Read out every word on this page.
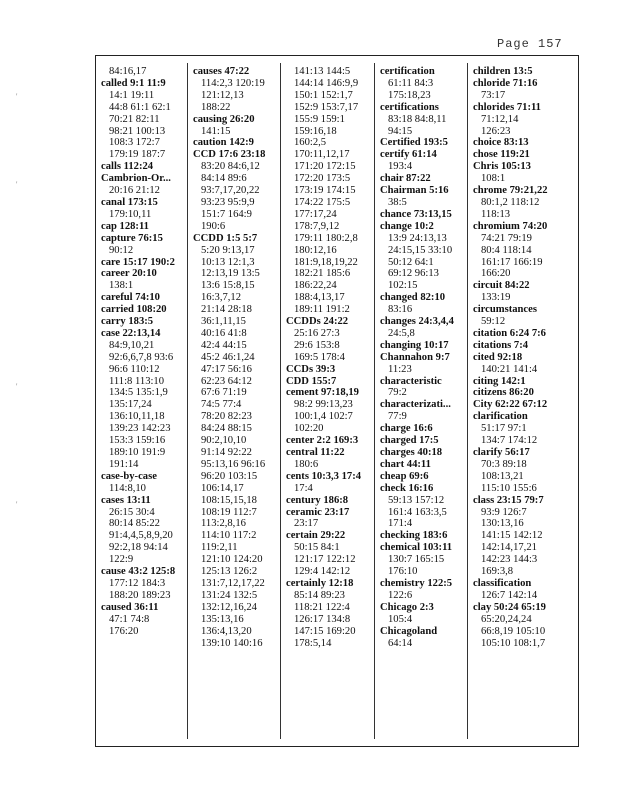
Page 157
'
'
'
'
84:16,17
called 9:1 11:9
14:1 19:11
44:8 61:1 62:1
70:21 82:11
98:21 100:13
108:3 172:7
179:19 187:7
calls 112:24
Cambrion-Or...
20:16 21:12
canal 173:15
179:10,11
cap 128:11
capture 76:15
90:12
care 15:17 190:2
career 20:10
138:1
careful 74:10
carried 108:20
carry 183:5
case 22:13,14
84:9,10,21
92:6,6,7,8 93:6
96:6 110:12
111:8 113:10
134:5 135:1,9
135:17,24
136:10,11,18
139:23 142:23
153:3 159:16
189:10 191:9
191:14
case-by-case
114:8,10
cases 13:11
26:15 30:4
80:14 85:22
91:4,4,5,8,9,20
92:2,18 94:14
122:9
cause 43:2 125:8
177:12 184:3
188:20 189:23
caused 36:11
47:1 74:8
176:20
causes 47:22
114:2,3 120:19
121:12,13
188:22
causing 26:20
141:15
caution 142:9
CCD 17:6 23:18
83:20 84:6,12
84:14 89:6
93:7,17,20,22
93:23 95:9,9
151:7 164:9
190:6
CCDD 1:5 5:7
5:20 9:13,17
10:13 12:1,3
12:13,19 13:5
13:6 15:8,15
16:3,7,12
21:14 28:18
36:1,11,15
40:16 41:8
42:4 44:15
45:2 46:1,24
47:17 56:16
62:23 64:12
67:6 71:19
74:5 77:4
78:20 82:23
84:24 88:15
90:2,10,10
91:14 92:22
95:13,16 96:16
96:20 103:15
106:14,17
108:15,15,18
108:19 112:7
113:2,8,16
114:10 117:2
119:2,11
121:10 124:20
125:13 126:2
131:7,12,17,22
131:24 132:5
132:12,16,24
135:13,16
136:4,13,20
139:10 140:16
141:13 144:5
144:14 146:9,9
150:1 152:1,7
152:9 153:7,17
155:9 159:1
159:16,18
160:2,5
170:11,12,17
171:20 172:15
172:20 173:5
173:19 174:15
174:22 175:5
177:17,24
178:7,9,12
179:11 180:2,8
180:12,16
181:9,18,19,22
182:21 185:6
186:22,24
188:4,13,17
189:11 191:2
CCDDs 24:22
25:16 27:3
29:6 153:8
169:5 178:4
CCDs 39:3
CDD 155:7
cement 97:18,19
98:2 99:13,23
100:1,4 102:7
102:20
center 2:2 169:3
central 11:22
180:6
cents 10:3,3 17:4
17:4
century 186:8
ceramic 23:17
23:17
certain 29:22
50:15 84:1
121:17 122:12
129:4 142:12
certainly 12:18
85:14 89:23
118:21 122:4
126:17 134:8
147:15 169:20
178:5,14
certification
61:11 84:3
175:18,23
certifications
83:18 84:8,11
94:15
Certified 193:5
certify 61:14
193:4
chair 87:22
Chairman 5:16
38:5
chance 73:13,15
change 10:2
13:9 24:13,13
24:15,15 33:10
50:12 64:1
69:12 96:13
102:15
changed 82:10
83:16
changes 24:3,4,4
24:5,8
changing 10:17
Channahon 9:7
11:23
characteristic
79:2
characterizati...
77:9
charge 16:6
charged 17:5
charges 40:18
chart 44:11
cheap 69:6
check 16:16
59:13 157:12
161:4 163:3,5
171:4
checking 183:6
chemical 103:11
130:7 165:15
176:10
chemistry 122:5
122:6
Chicago 2:3
105:4
Chicagoland
64:14
children 13:5
chloride 71:16
73:17
chlorides 71:11
71:12,14
126:23
choice 83:13
chose 119:21
Chris 105:13
108:1
chrome 79:21,22
80:1,2 118:12
118:13
chromium 74:20
74:21 79:19
80:4 118:14
161:17 166:19
166:20
circuit 84:22
133:19
circumstances
59:12
citation 6:24 7:6
citations 7:4
cited 92:18
140:21 141:4
citing 142:1
citizens 86:20
City 62:22 67:12
clarification
51:17 97:1
134:7 174:12
clarify 56:17
70:3 89:18
108:13,21
115:10 155:6
class 23:15 79:7
93:9 126:7
130:13,16
141:15 142:12
142:14,17,21
142:23 144:3
169:3,8
classification
126:7 142:14
clay 50:24 65:19
65:20,24,24
66:8,19 105:10
105:10 108:1,7
